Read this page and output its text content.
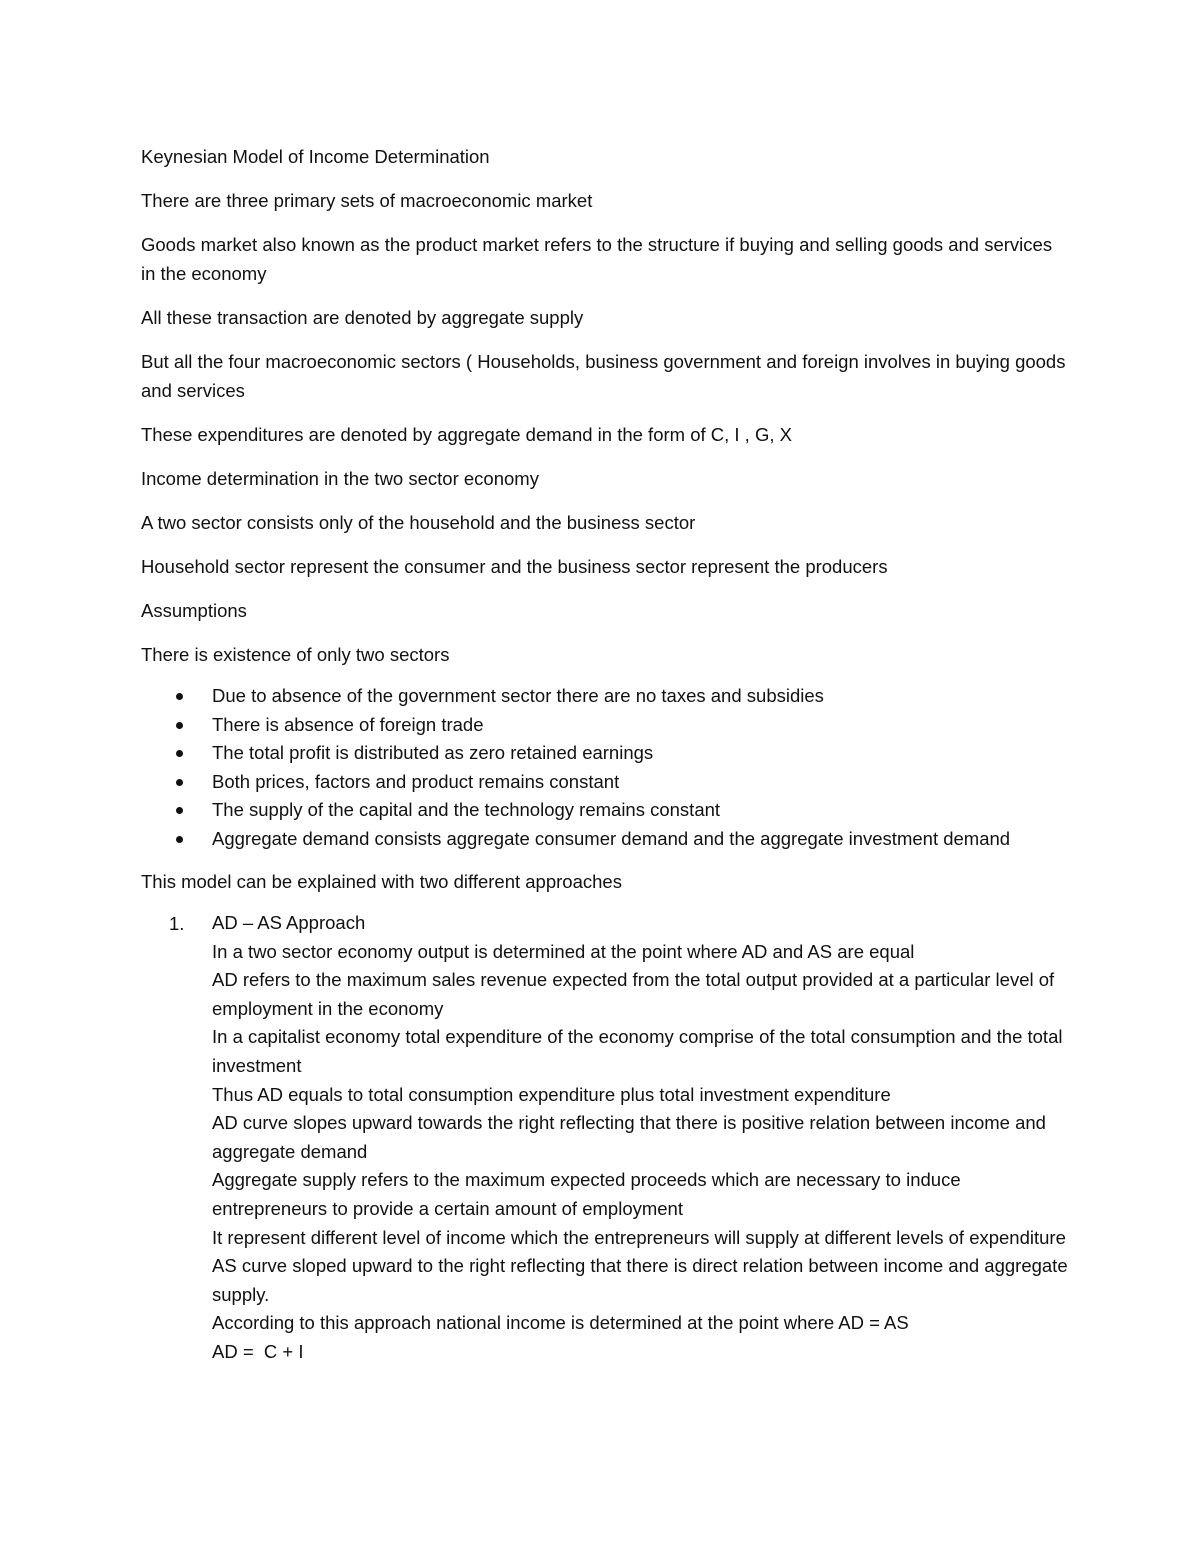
Keynesian Model of Income Determination

There are three primary sets of macroeconomic market

Goods market also known as the product market refers to the structure if buying and selling goods and services in the economy

All these transaction are denoted by aggregate supply

But all the four macroeconomic sectors ( Households, business government and foreign involves in buying goods and services

These expenditures are denoted by aggregate demand in the form of C, I , G, X

Income determination in the two sector economy

A two sector consists only of the household and the business sector

Household sector represent the consumer and the business sector represent the producers

Assumptions

There is existence of only two sectors

Due to absence of the government sector there are no taxes and subsidies
There is absence of foreign trade
The total profit is distributed as zero retained earnings
Both prices, factors and product remains constant
The supply of the capital and the technology remains constant
Aggregate demand consists aggregate consumer demand and the aggregate investment demand

This model can be explained with two different approaches

1. AD – AS Approach
In a two sector economy output is determined at the point where AD and AS are equal
AD refers to the maximum sales revenue expected from the total output provided at a particular level of employment in the economy
In a capitalist economy total expenditure of the economy comprise of the total consumption and the total investment
Thus AD equals to total consumption expenditure plus total investment expenditure
AD curve slopes upward towards the right reflecting that there is positive relation between income and aggregate demand
Aggregate supply refers to the maximum expected proceeds which are necessary to induce entrepreneurs to provide a certain amount of employment
It represent different level of income which the entrepreneurs will supply at different levels of expenditure
AS curve sloped upward to the right reflecting that there is direct relation between income and aggregate supply.
According to this approach national income is determined at the point where AD = AS
AD =  C + I
